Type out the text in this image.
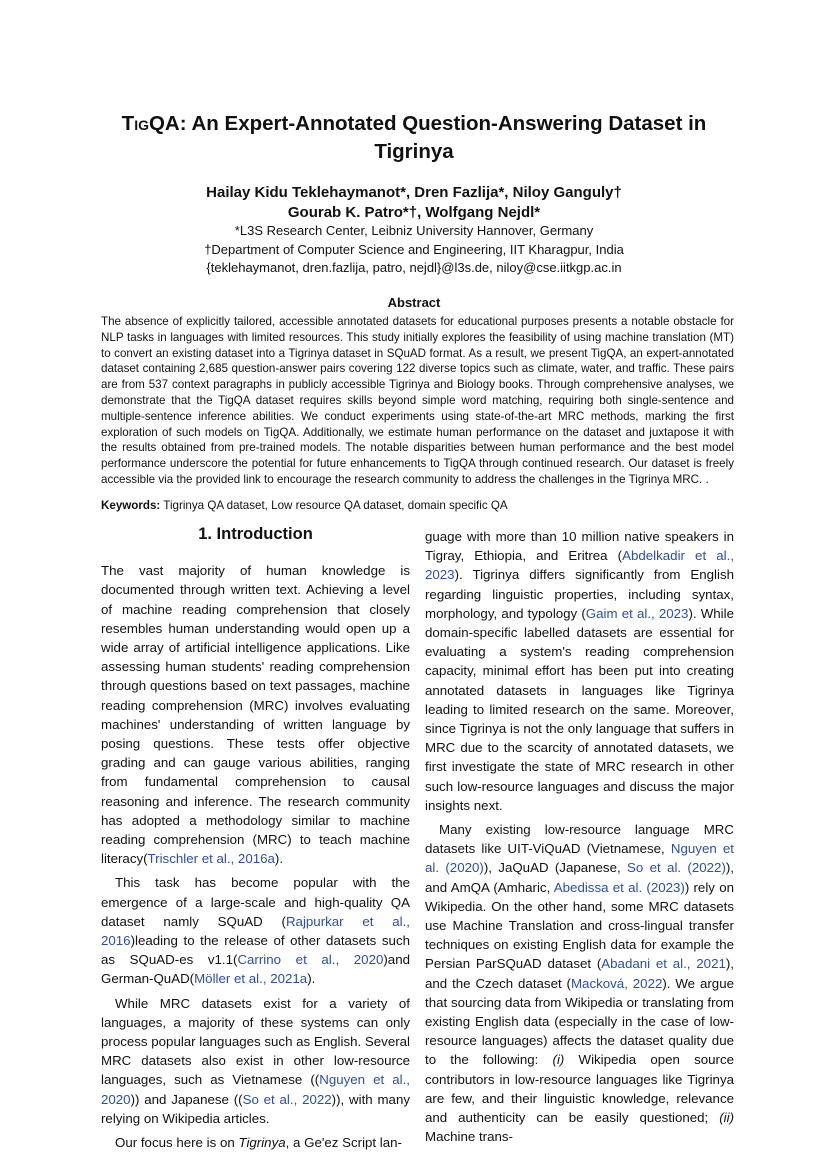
TigQA: An Expert-Annotated Question-Answering Dataset in Tigrinya
Hailay Kidu Teklehaymanot*, Dren Fazlija*, Niloy Ganguly†
Gourab K. Patro*†, Wolfgang Nejdl*
*L3S Research Center, Leibniz University Hannover, Germany
†Department of Computer Science and Engineering, IIT Kharagpur, India
{teklehaymanot, dren.fazlija, patro, nejdl}@l3s.de, niloy@cse.iitkgp.ac.in
Abstract
The absence of explicitly tailored, accessible annotated datasets for educational purposes presents a notable obstacle for NLP tasks in languages with limited resources. This study initially explores the feasibility of using machine translation (MT) to convert an existing dataset into a Tigrinya dataset in SQuAD format. As a result, we present TigQA, an expert-annotated dataset containing 2,685 question-answer pairs covering 122 diverse topics such as climate, water, and traffic. These pairs are from 537 context paragraphs in publicly accessible Tigrinya and Biology books. Through comprehensive analyses, we demonstrate that the TigQA dataset requires skills beyond simple word matching, requiring both single-sentence and multiple-sentence inference abilities. We conduct experiments using state-of-the-art MRC methods, marking the first exploration of such models on TigQA. Additionally, we estimate human performance on the dataset and juxtapose it with the results obtained from pre-trained models. The notable disparities between human performance and the best model performance underscore the potential for future enhancements to TigQA through continued research. Our dataset is freely accessible via the provided link to encourage the research community to address the challenges in the Tigrinya MRC. .
Keywords: Tigrinya QA dataset, Low resource QA dataset, domain specific QA
1. Introduction

The vast majority of human knowledge is documented through written text. Achieving a level of machine reading comprehension that closely resembles human understanding would open up a wide array of artificial intelligence applications. Like assessing human students' reading comprehension through questions based on text passages, machine reading comprehension (MRC) involves evaluating machines' understanding of written language by posing questions. These tests offer objective grading and can gauge various abilities, ranging from fundamental comprehension to causal reasoning and inference. The research community has adopted a methodology similar to machine reading comprehension (MRC) to teach machine literacy(Trischler et al., 2016a).

This task has become popular with the emergence of a large-scale and high-quality QA dataset namly SQuAD (Rajpurkar et al., 2016)leading to the release of other datasets such as SQuAD-es v1.1(Carrino et al., 2020)and German-QuAD(Möller et al., 2021a).

While MRC datasets exist for a variety of languages, a majority of these systems can only process popular languages such as English. Several MRC datasets also exist in other low-resource languages, such as Vietnamese ((Nguyen et al., 2020)) and Japanese ((So et al., 2022)), with many relying on Wikipedia articles.

Our focus here is on Tigrinya, a Ge'ez Script lan-

guage with more than 10 million native speakers in Tigray, Ethiopia, and Eritrea (Abdelkadir et al., 2023). Tigrinya differs significantly from English regarding linguistic properties, including syntax, morphology, and typology (Gaim et al., 2023). While domain-specific labelled datasets are essential for evaluating a system's reading comprehension capacity, minimal effort has been put into creating annotated datasets in languages like Tigrinya leading to limited research on the same. Moreover, since Tigrinya is not the only language that suffers in MRC due to the scarcity of annotated datasets, we first investigate the state of MRC research in other such low-resource languages and discuss the major insights next.

Many existing low-resource language MRC datasets like UIT-ViQuAD (Vietnamese, Nguyen et al. (2020)), JaQuAD (Japanese, So et al. (2022)), and AmQA (Amharic, Abedissa et al. (2023)) rely on Wikipedia. On the other hand, some MRC datasets use Machine Translation and cross-lingual transfer techniques on existing English data for example the Persian ParSQuAD dataset (Abadani et al., 2021), and the Czech dataset (Macková, 2022). We argue that sourcing data from Wikipedia or translating from existing English data (especially in the case of low-resource languages) affects the dataset quality due to the following: (i) Wikipedia open source contributors in low-resource languages like Tigrinya are few, and their linguistic knowledge, relevance and authenticity can be easily questioned; (ii) Machine trans-
